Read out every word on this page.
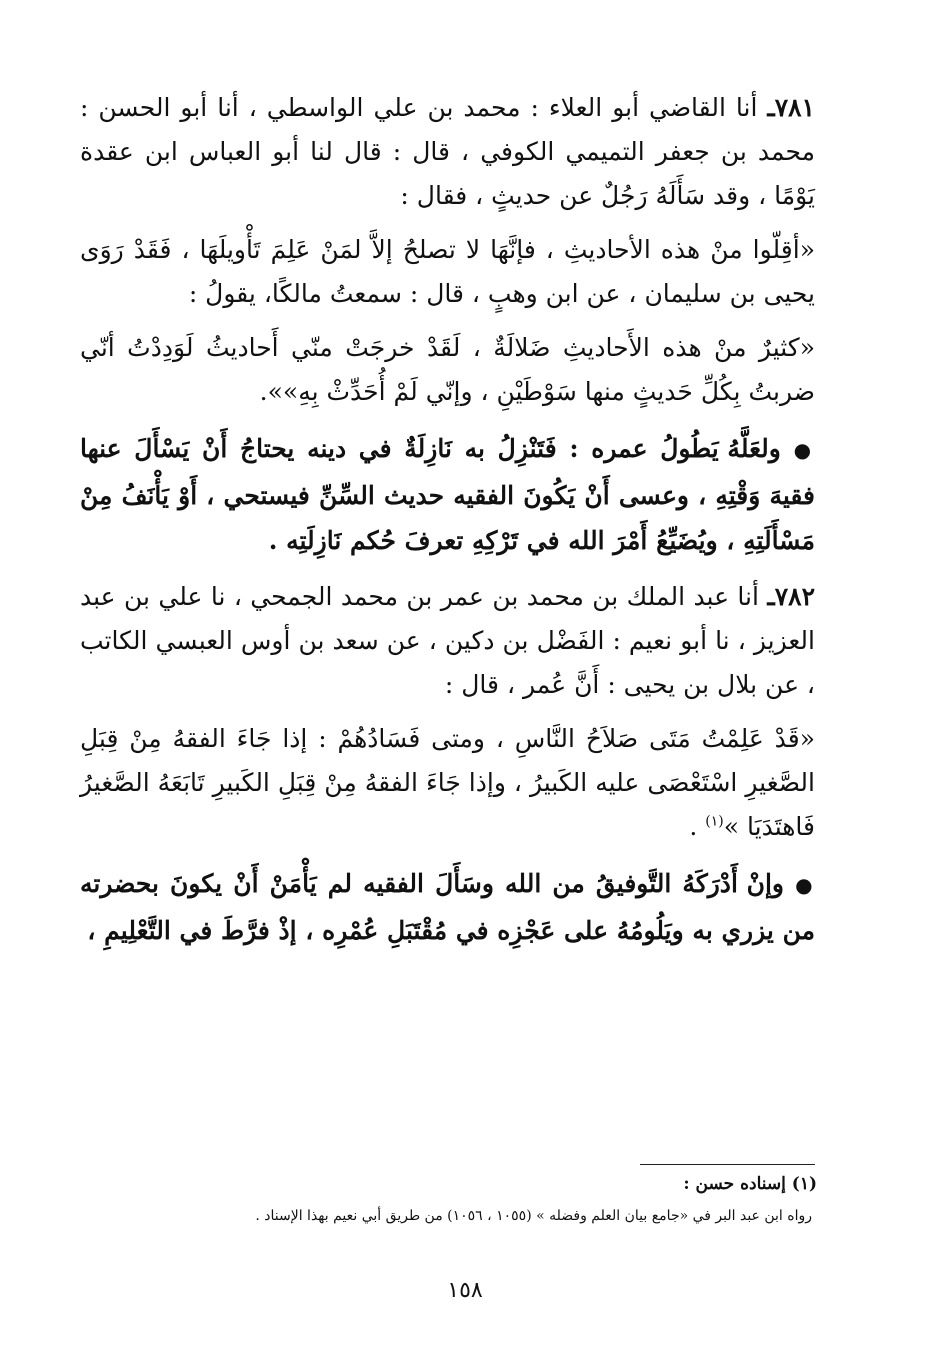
٧٨١ـ أنا القاضي أبو العلاء : محمد بن علي الواسطي ، أنا أبو الحسن : محمد بن جعفر التميمي الكوفي ، قال : قال لنا أبو العباس ابن عقدة يَوْمًا ، وقد سَأَلَهُ رَجُلٌ عن حديثٍ ، فقال :

«أقِلّوا منْ هذه الأحاديثِ ، فإنَّهَا لا تصلحُ إلاَّ لمَنْ عَلِمَ تَأْويلَهَا ، فَقَدْ رَوَى يحيى بن سليمان ، عن ابن وهبٍ ، قال : سمعتُ مالكًا، يقولُ :

«كثيرٌ منْ هذه الأَحاديثِ ضَلالَةٌ ، لَقَدْ خرجَتْ منّي أَحاديثُ لَوَدِدْتُ أنّي ضربتُ بِكُلِّ حَديثٍ منها سَوْطَيْنِ ، وإنّي لَمْ أُحَدِّثْ بِهِ»».

● ولعَلَّهُ يَطُولُ عمره : فَتَنْزِلُ به نَازِلَةٌ في دينه يحتاجُ أَنْ يَسْأَلَ عنها فقيهَ وَقْتِهِ ، وعسى أَنْ يَكُونَ الفقيه حديث السِّنِّ فيستحي ، أَوْ يَأْنَفُ مِنْ مَسْأَلَتِهِ ، ويُضَيِّعُ أَمْرَ الله في تَرْكِهِ تعرفَ حُكم نَازِلَتِه .

٧٨٢ـ أنا عبد الملك بن محمد بن عمر بن محمد الجمحي ، نا علي بن عبد العزيز ، نا أبو نعيم : الفَضْل بن دكين ، عن سعد بن أوس العبسي الكاتب ، عن بلال بن يحيى : أَنَّ عُمر ، قال :

«قَدْ عَلِمْتُ مَتَى صَلاَحُ النَّاسِ ، ومتى فَسَادُهُمْ : إذا جَاءَ الفقهُ مِنْ قِبَلِ الصَّغيرِ اسْتَعْصَى عليه الكَبيرُ ، وإذا جَاءَ الفقهُ مِنْ قِبَلِ الكَبيرِ تَابَعَهُ الصَّغيرُ فَاهتَدَيَا »$^{(١)}$ .

● وإنْ أَدْرَكَهُ التَّوفيقُ من الله وسَأَلَ الفقيه لم يَأْمَنْ أَنْ يكونَ بحضرته من يزري به ويَلُومُهُ على عَجْزِه في مُقْتَبَلِ عُمْرِه ، إذْ فرَّطَ في التَّعْلِيمِ ،

(١) إسناده حسن :
رواه ابن عبد البر في «جامع بيان العلم وفضله » (١٠٥٥ ، ١٠٥٦) من طريق أبي نعيم بهذا الإسناد .
١٥٨
